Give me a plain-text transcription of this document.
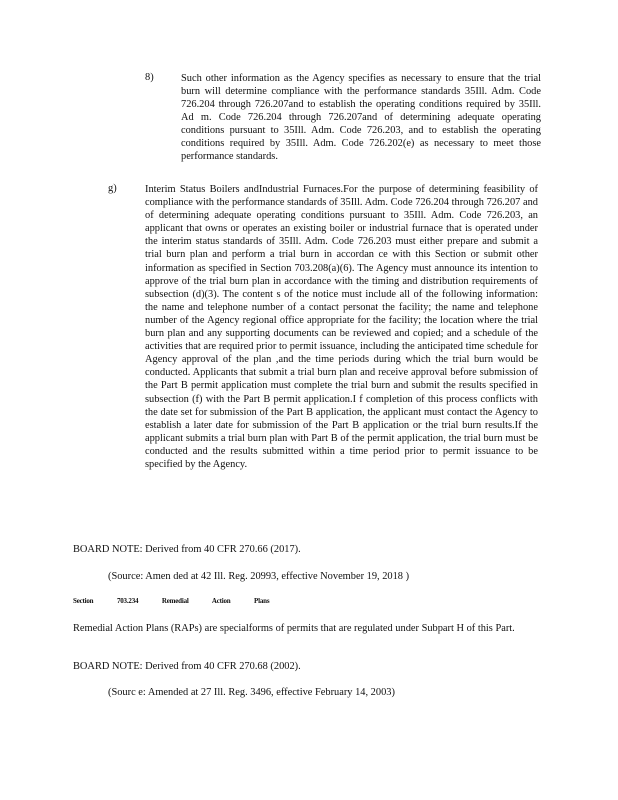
8)	Such other information as the Agency specifies as necessary to ensure that the trial burn will determine compliance with the performance standards 35Ill. Adm. Code 726.204 through 726.207and to establish the operating conditions required by 35Ill. Ad m. Code 726.204 through 726.207and of determining adequate operating conditions pursuant to 35Ill. Adm. Code 726.203, and to establish the operating conditions required by 35Ill. Adm. Code 726.202(e) as necessary to meet those performance standards.
g)	Interim Status Boilers andIndustrial Furnaces.For the purpose of determining feasibility of compliance with the performance standards of 35Ill. Adm. Code 726.204 through 726.207 and of determining adequate operating conditions pursuant to 35Ill. Adm. Code 726.203, an applicant that owns or operates an existing boiler or industrial furnace that is operated under the interim status standards of 35Ill. Adm. Code 726.203 must either prepare and submit a trial burn plan and perform a trial burn in accordan ce with this Section or submit other information as specified in Section 703.208(a)(6). The Agency must announce its intention to approve of the trial burn plan in accordance with the timing and distribution requirements of subsection (d)(3). The content s of the notice must include all of the following information: the name and telephone number of a contact personat the facility; the name and telephone number of the Agency regional office appropriate for the facility; the location where the trial burn plan and any supporting documents can be reviewed and copied; and a schedule of the activities that are required prior to permit issuance, including the anticipated time schedule for Agency approval of the plan ,and the time periods during which the trial burn would be conducted. Applicants that submit a trial burn plan and receive approval before submission of the Part B permit application must complete the trial burn and submit the results specified in subsection (f) with the Part B permit application.I f completion of this process conflicts with the date set for submission of the Part B application, the applicant must contact the Agency to establish a later date for submission of the Part B application or the trial burn results.If the applicant submits a trial burn plan with Part B of the permit application, the trial burn must be conducted and the results submitted within a time period prior to permit issuance to be specified by the Agency.
BOARD NOTE: Derived from 40 CFR 270.66 (2017).
(Source: Amen ded at 42 Ill. Reg. 20993, effective November 19, 2018 )
Section	703.234	Remedial	Action	Plans
Remedial Action Plans (RAPs) are specialforms of permits that are regulated under Subpart H of this Part.
BOARD NOTE: Derived from 40 CFR 270.68 (2002).
(Sourc e: Amended at 27 Ill. Reg. 3496, effective February 14, 2003)
